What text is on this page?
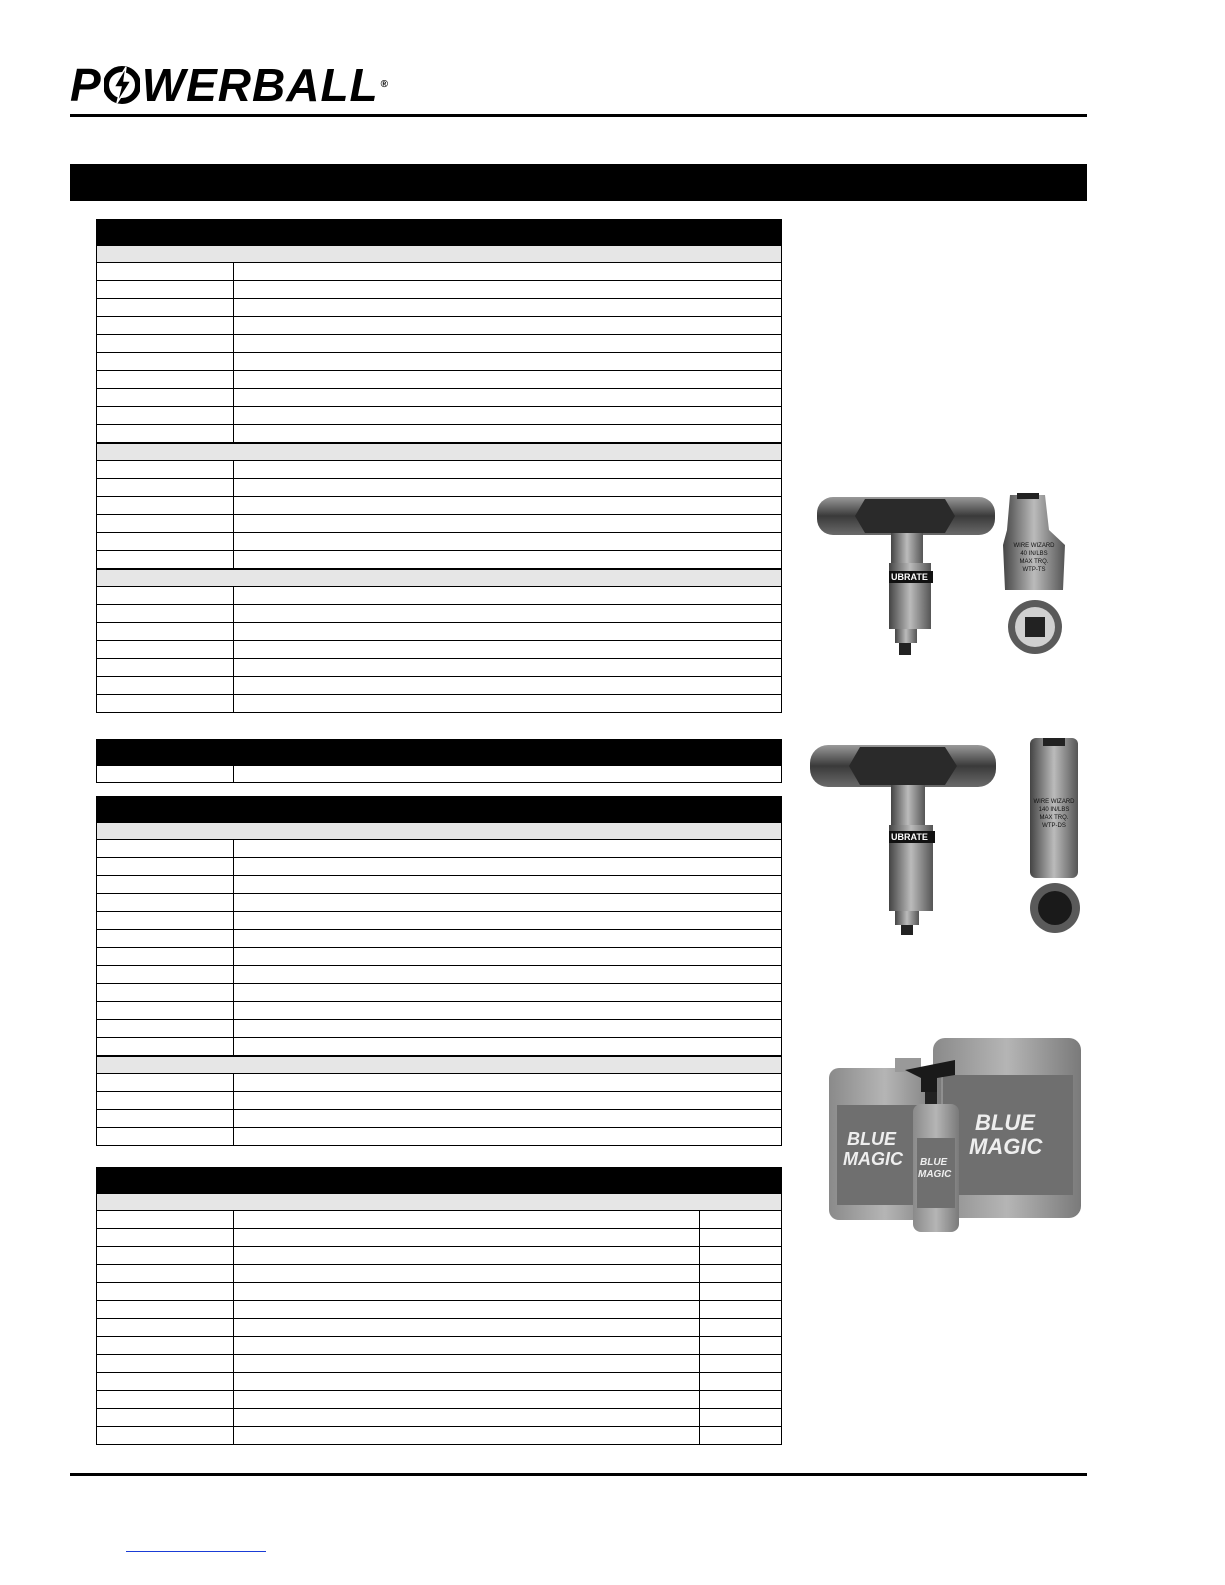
P WERBALL ®
UBRATE
WIRE WIZARD
40 IN/LBS
MAX TRQ.
WTP-TS
UBRATE
WIRE WIZARD
140 IN/LBS
MAX TRQ.
WTP-DS
BLUE
MAGIC
BLUE
MAGIC BLUE
MAGIC
